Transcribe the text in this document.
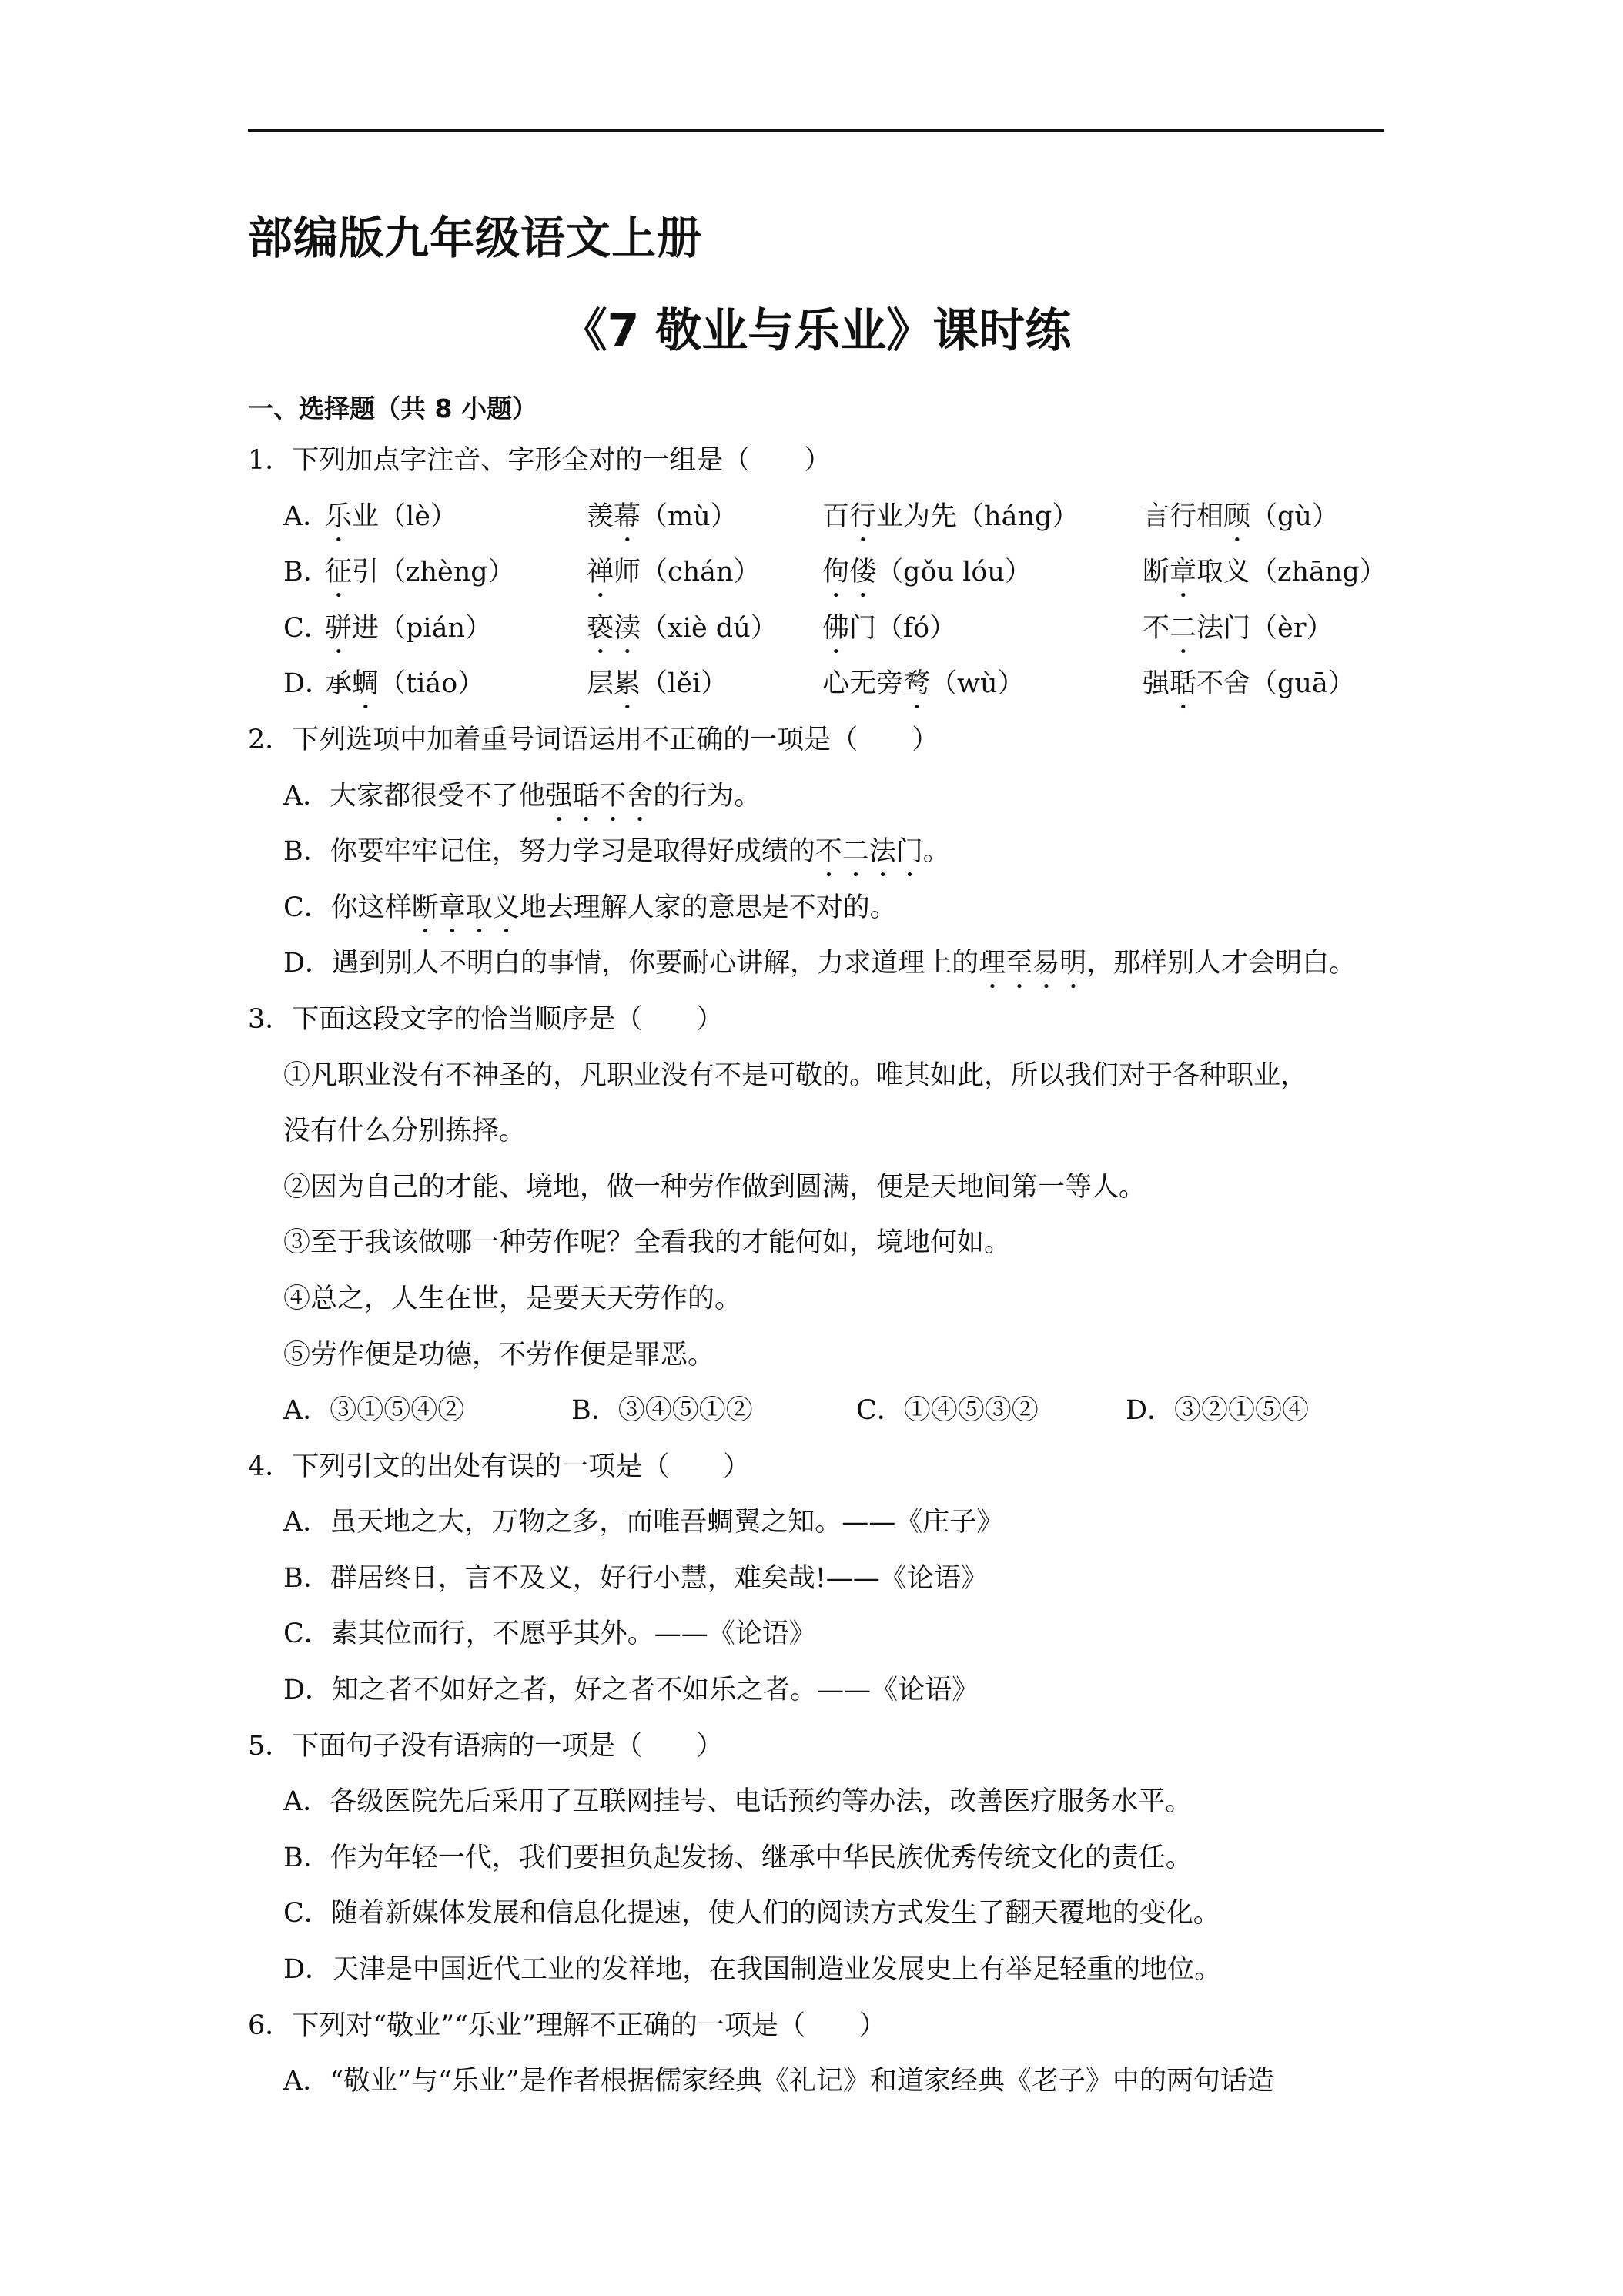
部编版九年级语文上册
《7 敬业与乐业》课时练
一、选择题（共 8 小题）
1．下列加点字注音、字形全对的一组是（　　）
A．
乐业（lè）	羡幕（mù）	百行业为先（háng） 言行相顾（gù）
B．
征引（zhèng）	禅师（chán） 佝偻（gǒu lóu）	断章取义（zhāng）
C．
骈进（pián）	亵渎（xiè dú） 佛门（fó）	不二法门（èr）
D．
承蜩（tiáo）	层累（lěi）	心无旁鹜（wù）	强聒不舍（guā）
2．下列选项中加着重号词语运用不正确的一项是（　　）
A．大家都很受不了他强聒不舍的行为。
B．你要牢牢记住，努力学习是取得好成绩的不二法门。
C．你这样断章取义地去理解人家的意思是不对的。
D．遇到别人不明白的事情，你要耐心讲解，力求道理上的理至易明，那样别人才会明白。
3．下面这段文字的恰当顺序是（　　）
①凡职业没有不神圣的，凡职业没有不是可敬的。唯其如此，所以我们对于各种职业，
没有什么分别拣择。
②因为自己的才能、境地，做一种劳作做到圆满，便是天地间第一等人。
③至于我该做哪一种劳作呢？全看我的才能何如，境地何如。
④总之，人生在世，是要天天劳作的。
⑤劳作便是功德，不劳作便是罪恶。
A．③①⑤④②	B．③④⑤①②	C．①④⑤③②	D．③②①⑤④
4．下列引文的出处有误的一项是（　　）
A．虽天地之大，万物之多，而唯吾蜩翼之知。——《庄子》
B．群居终日，言不及义，好行小慧，难矣哉!——《论语》
C．素其位而行，不愿乎其外。——《论语》
D．知之者不如好之者，好之者不如乐之者。——《论语》
5．下面句子没有语病的一项是（　　）
A．各级医院先后采用了互联网挂号、电话预约等办法，改善医疗服务水平。
B．作为年轻一代，我们要担负起发扬、继承中华民族优秀传统文化的责任。
C．随着新媒体发展和信息化提速，使人们的阅读方式发生了翻天覆地的变化。
D．天津是中国近代工业的发祥地，在我国制造业发展史上有举足轻重的地位。
6．下列对“敬业”“乐业”理解不正确的一项是（　　）
A．“敬业”与“乐业”是作者根据儒家经典《礼记》和道家经典《老子》中的两句话造
